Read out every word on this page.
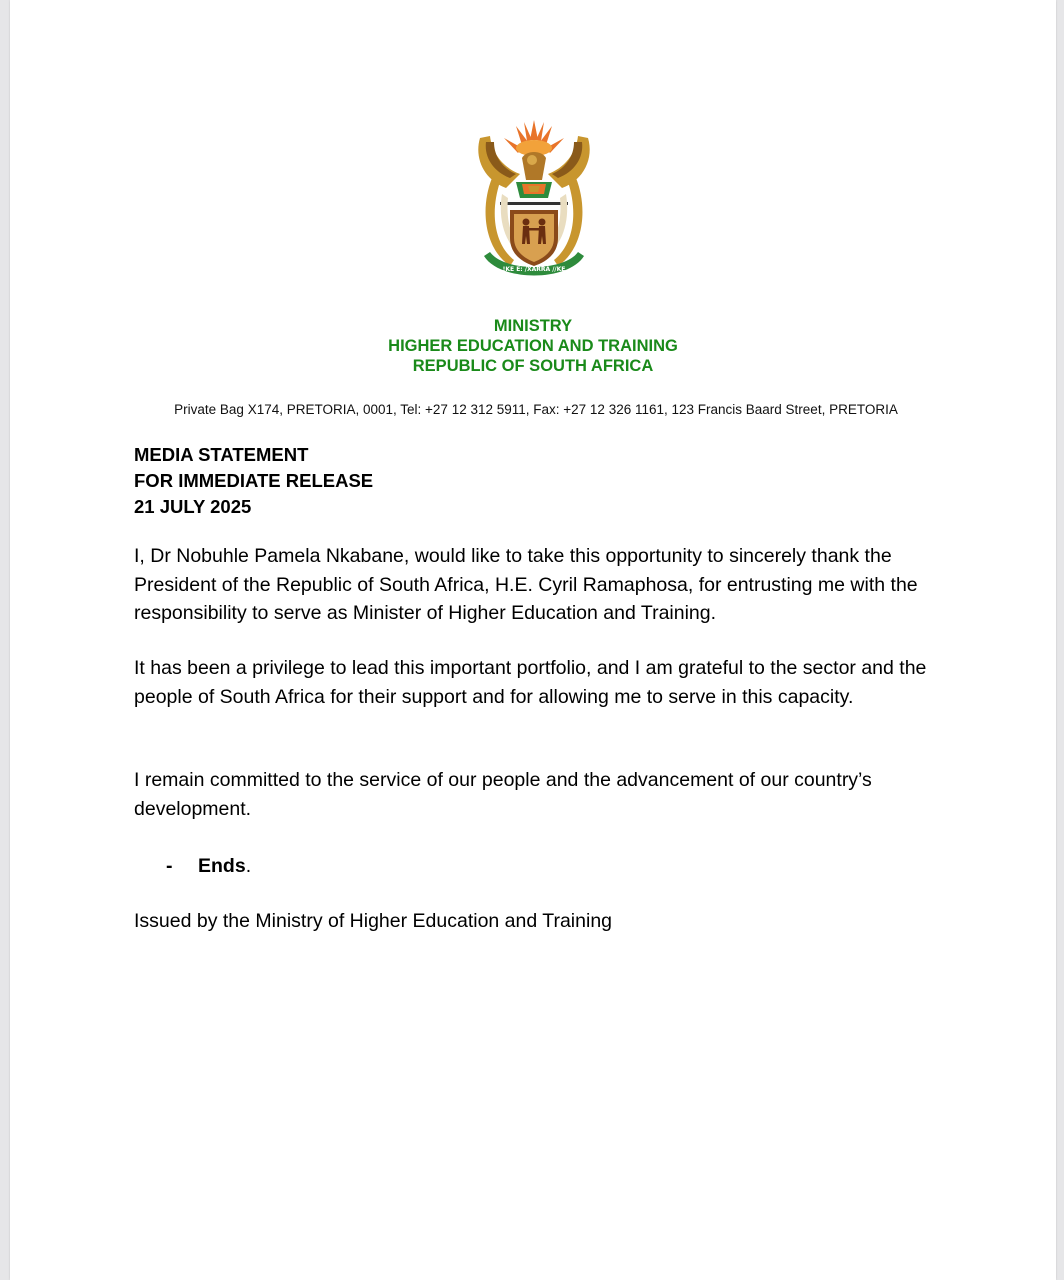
!KE E: /XARRA //KE
MINISTRY
HIGHER EDUCATION AND TRAINING
REPUBLIC OF SOUTH AFRICA
Private Bag X174, PRETORIA, 0001, Tel: +27 12 312 5911, Fax: +27 12 326 1161, 123 Francis Baard Street, PRETORIA
MEDIA STATEMENT
FOR IMMEDIATE RELEASE
21 JULY 2025
I, Dr Nobuhle Pamela Nkabane, would like to take this opportunity to sincerely thank the President of the Republic of South Africa, H.E. Cyril Ramaphosa, for entrusting me with the responsibility to serve as Minister of Higher Education and Training.
It has been a privilege to lead this important portfolio, and I am grateful to the sector and the people of South Africa for their support and for allowing me to serve in this capacity.
I remain committed to the service of our people and the advancement of our country’s development.
- Ends.
Issued by the Ministry of Higher Education and Training
